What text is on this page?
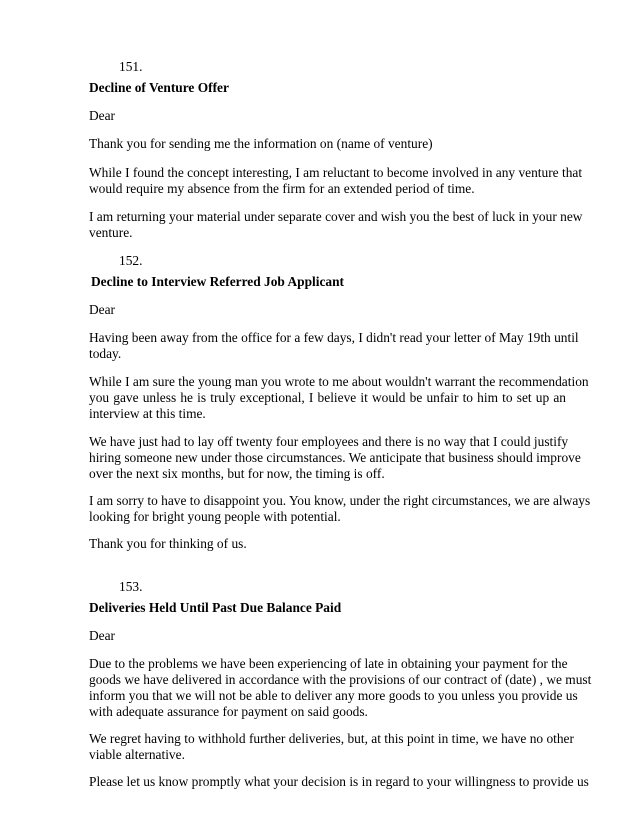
151.

Decline of Venture Offer

Dear

Thank you for sending me the information on (name of venture)

While I found the concept interesting, I am reluctant to become involved in any venture that
would require my absence from the firm for an extended period of time.
I am returning your material under separate cover and wish you the best of luck in your new
venture.

152.

Decline to Interview Referred Job Applicant

Dear

Having been away from the office for a few days, I didn't read your letter of May 19th until
today.
While I am sure the young man you wrote to me about wouldn't warrant the recommendation
you gave unless he is truly exceptional, I believe it would be unfair to him to set up an
interview at this time.
We have just had to lay off twenty four employees and there is no way that I could justify
hiring someone new under those circumstances. We anticipate that business should improve
over the next six months, but for now, the timing is off.
I am sorry to have to disappoint you. You know, under the right circumstances, we are always
looking for bright young people with potential.

Thank you for thinking of us.

153.

Deliveries Held Until Past Due Balance Paid

Dear

Due to the problems we have been experiencing of late in obtaining your payment for the
goods we have delivered in accordance with the provisions of our contract of (date) , we must
inform you that we will not be able to deliver any more goods to you unless you provide us
with adequate assurance for payment on said goods.
We regret having to withhold further deliveries, but, at this point in time, we have no other
viable alternative.
Please let us know promptly what your decision is in regard to your willingness to provide us
